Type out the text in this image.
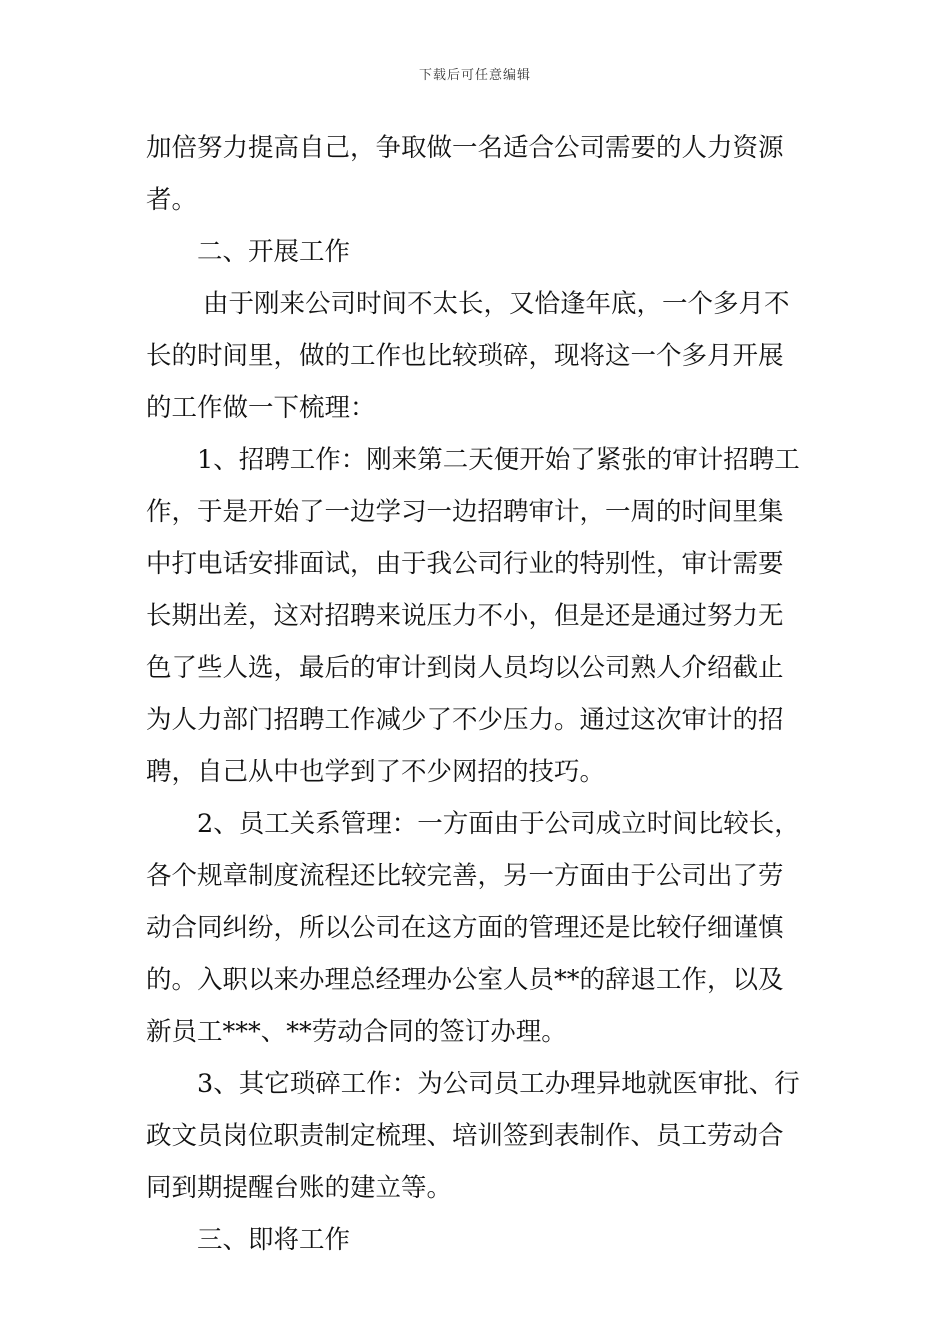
下载后可任意编辑
加倍努力提高自己，争取做一名适合公司需要的人力资源
者。
二、开展工作
由于刚来公司时间不太长，又恰逢年底，一个多月不
长的时间里，做的工作也比较琐碎，现将这一个多月开展
的工作做一下梳理：
1、招聘工作：刚来第二天便开始了紧张的审计招聘工
作，于是开始了一边学习一边招聘审计，一周的时间里集
中打电话安排面试，由于我公司行业的特别性，审计需要
长期出差，这对招聘来说压力不小，但是还是通过努力无
色了些人选，最后的审计到岗人员均以公司熟人介绍截止
为人力部门招聘工作减少了不少压力。通过这次审计的招
聘，自己从中也学到了不少网招的技巧。
2、员工关系管理：一方面由于公司成立时间比较长，
各个规章制度流程还比较完善，另一方面由于公司出了劳
动合同纠纷，所以公司在这方面的管理还是比较仔细谨慎
的。入职以来办理总经理办公室人员**的辞退工作，以及
新员工***、**劳动合同的签订办理。
3、其它琐碎工作：为公司员工办理异地就医审批、行
政文员岗位职责制定梳理、培训签到表制作、员工劳动合
同到期提醒台账的建立等。
三、即将工作
